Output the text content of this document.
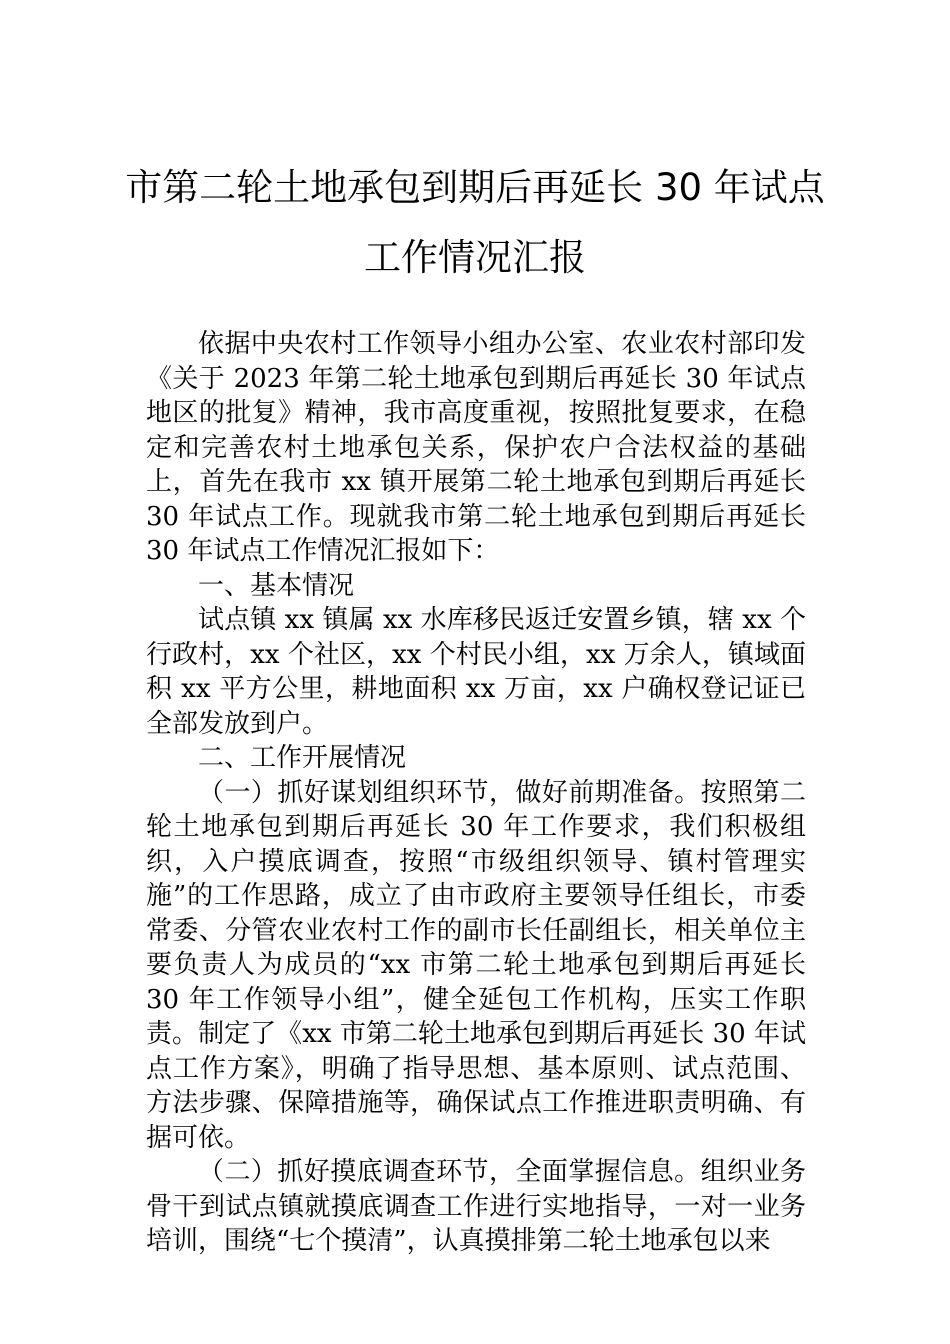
市第二轮土地承包到期后再延长 30 年试点
工作情况汇报

依据中央农村工作领导小组办公室、农业农村部印发《关于 2023 年第二轮土地承包到期后再延长 30 年试点地区的批复》精神，我市高度重视，按照批复要求，在稳定和完善农村土地承包关系，保护农户合法权益的基础上，首先在我市 xx 镇开展第二轮土地承包到期后再延长 30 年试点工作。现就我市第二轮土地承包到期后再延长 30 年试点工作情况汇报如下：

一、基本情况

试点镇 xx 镇属 xx 水库移民返迁安置乡镇，辖 xx 个行政村，xx 个社区，xx 个村民小组，xx 万余人，镇域面积 xx 平方公里，耕地面积 xx 万亩，xx 户确权登记证已全部发放到户。

二、工作开展情况

（一）抓好谋划组织环节，做好前期准备。按照第二轮土地承包到期后再延长 30 年工作要求，我们积极组织，入户摸底调查，按照“市级组织领导、镇村管理实施”的工作思路，成立了由市政府主要领导任组长，市委常委、分管农业农村工作的副市长任副组长，相关单位主要负责人为成员的“xx 市第二轮土地承包到期后再延长 30 年工作领导小组”，健全延包工作机构，压实工作职责。制定了《xx 市第二轮土地承包到期后再延长 30 年试点工作方案》，明确了指导思想、基本原则、试点范围、方法步骤、保障措施等，确保试点工作推进职责明确、有据可依。

（二）抓好摸底调查环节，全面掌握信息。组织业务骨干到试点镇就摸底调查工作进行实地指导，一对一业务培训，围绕“七个摸清”，认真摸排第二轮土地承包以来
